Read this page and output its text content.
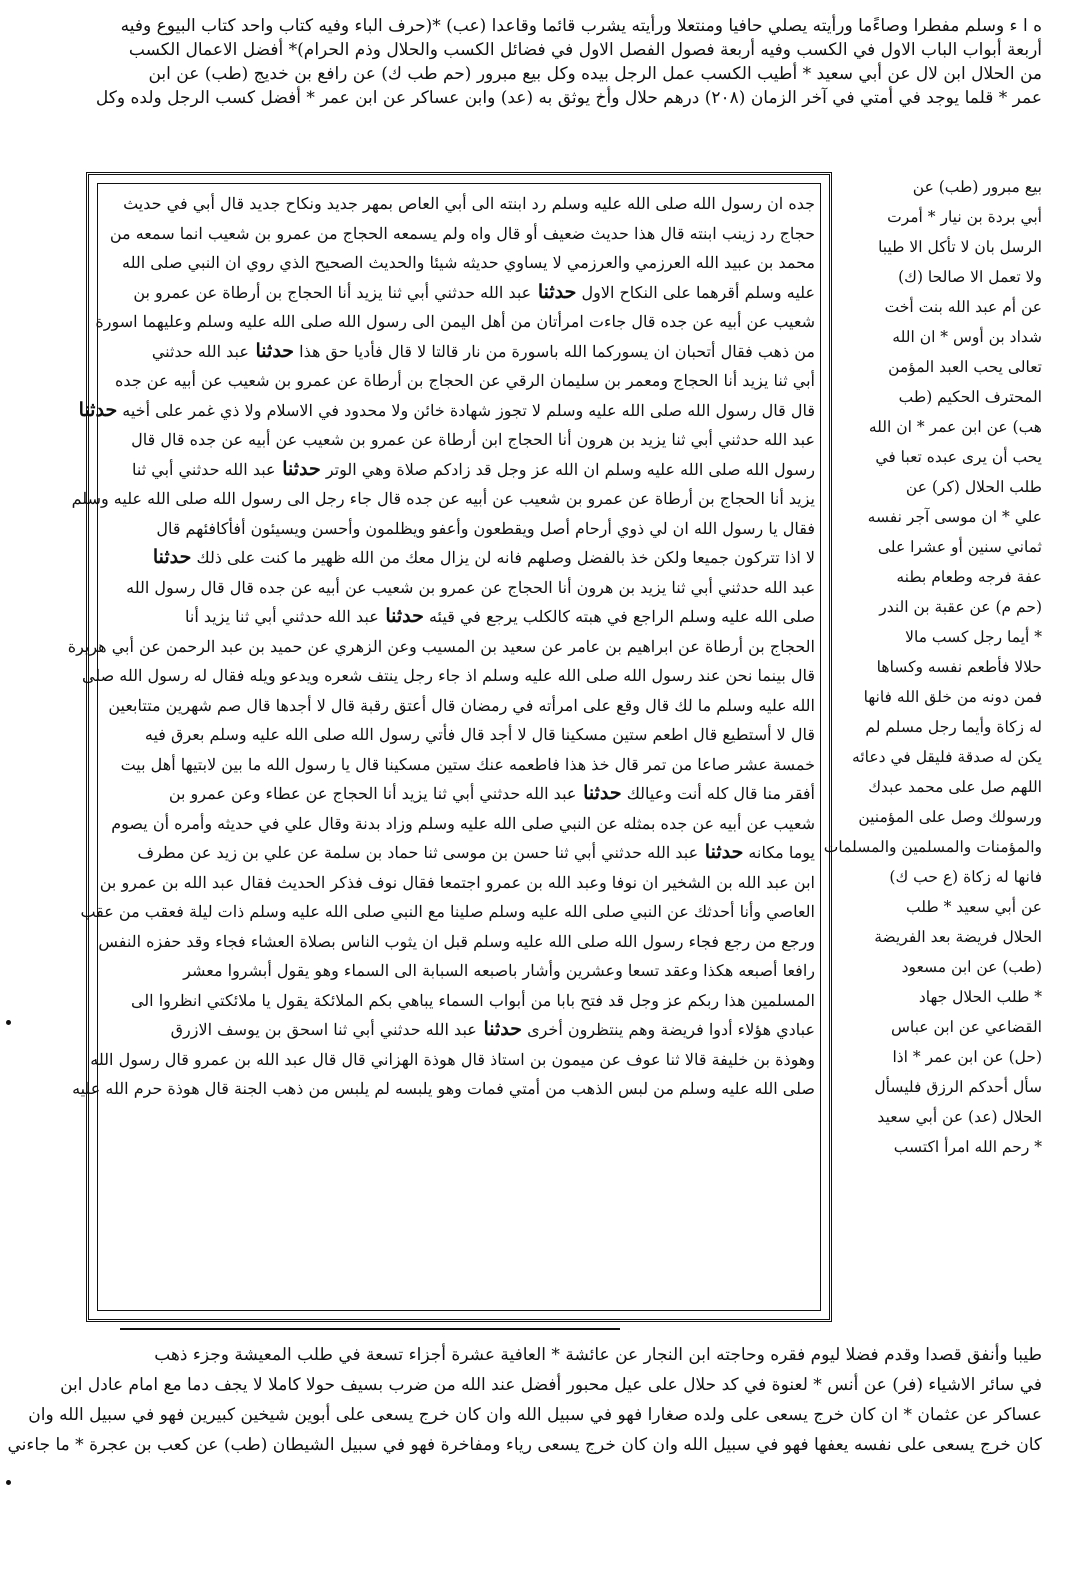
ه ا ء وسلم مفطرا وصاءًما ورأيته يصلي حافيا ومنتعلا ورأيته يشرب قائما وقاعدا (عب) *(حرف الباء وفيه كتاب واحد كتاب البيوع وفيه
أربعة أبواب الباب الاول في الكسب وفيه أربعة فصول الفصل الاول في فضائل الكسب والحلال وذم الحرام)* أفضل الاعمال الكسب
من الحلال ابن لال عن أبي سعيد * أطيب الكسب عمل الرجل بيده وكل بيع مبرور (حم طب ك) عن رافع بن خديج (طب) عن ابن
عمر * قلما يوجد في أمتي في آخر الزمان (٢٠٨) درهم حلال وأخ يوثق به (عد) وابن عساكر عن ابن عمر * أفضل كسب الرجل ولده وكل
جده ان رسول الله صلى الله عليه وسلم رد ابنته الى أبي العاص بمهر جديد ونكاح جديد قال أبي في حديث
حجاج رد زينب ابنته قال هذا حديث ضعيف أو قال واه ولم يسمعه الحجاج من عمرو بن شعيب انما سمعه من
محمد بن عبيد الله العرزمي والعرزمي لا يساوي حديثه شيئا والحديث الصحيح الذي روي ان النبي صلى الله
عليه وسلم أقرهما على النكاح الاول حدثنا عبد الله حدثني أبي ثنا يزيد أنا الحجاج بن أرطاة عن عمرو بن
شعيب عن أبيه عن جده قال جاءت امرأتان من أهل اليمن الى رسول الله صلى الله عليه وسلم وعليهما اسورة
من ذهب فقال أتحبان ان يسوركما الله باسورة من نار قالتا لا قال فأديا حق هذا حدثنا عبد الله حدثني
أبي ثنا يزيد أنا الحجاج ومعمر بن سليمان الرقي عن الحجاج بن أرطاة عن عمرو بن شعيب عن أبيه عن جده
قال قال رسول الله صلى الله عليه وسلم لا تجوز شهادة خائن ولا محدود في الاسلام ولا ذي غمر على أخيه حدثنا
عبد الله حدثني أبي ثنا يزيد بن هرون أنا الحجاج ابن أرطاة عن عمرو بن شعيب عن أبيه عن جده قال قال
رسول الله صلى الله عليه وسلم ان الله عز وجل قد زادكم صلاة وهي الوتر حدثنا عبد الله حدثني أبي ثنا
يزيد أنا الحجاج بن أرطاة عن عمرو بن شعيب عن أبيه عن جده قال جاء رجل الى رسول الله صلى الله عليه وسلم
فقال يا رسول الله ان لي ذوي أرحام أصل ويقطعون وأعفو ويظلمون وأحسن ويسيئون أفأكافئهم قال
لا اذا تتركون جميعا ولكن خذ بالفضل وصلهم فانه لن يزال معك من الله ظهير ما كنت على ذلك حدثنا
عبد الله حدثني أبي ثنا يزيد بن هرون أنا الحجاج عن عمرو بن شعيب عن أبيه عن جده قال قال رسول الله
صلى الله عليه وسلم الراجع في هبته كالكلب يرجع في قيئه حدثنا عبد الله حدثني أبي ثنا يزيد أنا
الحجاج بن أرطاة عن ابراهيم بن عامر عن سعيد بن المسيب وعن الزهري عن حميد بن عبد الرحمن عن أبي هريرة
قال بينما نحن عند رسول الله صلى الله عليه وسلم اذ جاء رجل ينتف شعره ويدعو ويله فقال له رسول الله صلى
الله عليه وسلم ما لك قال وقع على امرأته في رمضان قال أعتق رقبة قال لا أجدها قال صم شهرين متتابعين
قال لا أستطيع قال اطعم ستين مسكينا قال لا أجد قال فأتي رسول الله صلى الله عليه وسلم بعرق فيه
خمسة عشر صاعا من تمر قال خذ هذا فاطعمه عنك ستين مسكينا قال يا رسول الله ما بين لابتيها أهل بيت
أفقر منا قال كله أنت وعيالك حدثنا عبد الله حدثني أبي ثنا يزيد أنا الحجاج عن عطاء وعن عمرو بن
شعيب عن أبيه عن جده بمثله عن النبي صلى الله عليه وسلم وزاد بدنة وقال علي في حديثه وأمره أن يصوم
يوما مكانه حدثنا عبد الله حدثني أبي ثنا حسن بن موسى ثنا حماد بن سلمة عن علي بن زيد عن مطرف
ابن عبد الله بن الشخير ان نوفا وعبد الله بن عمرو اجتمعا فقال نوف فذكر الحديث فقال عبد الله بن عمرو بن
العاصي وأنا أحدثك عن النبي صلى الله عليه وسلم صلينا مع النبي صلى الله عليه وسلم ذات ليلة فعقب من عقب
ورجع من رجع فجاء رسول الله صلى الله عليه وسلم قبل ان يثوب الناس بصلاة العشاء فجاء وقد حفزه النفس
رافعا أصبعه هكذا وعقد تسعا وعشرين وأشار باصبعه السبابة الى السماء وهو يقول أبشروا معشر
المسلمين هذا ربكم عز وجل قد فتح بابا من أبواب السماء يباهي بكم الملائكة يقول يا ملائكتي انظروا الى
عبادي هؤلاء أدوا فريضة وهم ينتظرون أخرى حدثنا عبد الله حدثني أبي ثنا اسحق بن يوسف الازرق
وهوذة بن خليفة قالا ثنا عوف عن ميمون بن استاذ قال هوذة الهزاني قال قال عبد الله بن عمرو قال رسول الله
صلى الله عليه وسلم من لبس الذهب من أمتي فمات وهو يلبسه لم يلبس من ذهب الجنة قال هوذة حرم الله عليه
بيع مبرور (طب) عن
أبي بردة بن نيار * أمرت
الرسل بان لا تأكل الا طيبا
ولا تعمل الا صالحا (ك)
عن أم عبد الله بنت أخت
شداد بن أوس * ان الله
تعالى يحب العبد المؤمن
المحترف الحكيم (طب
هب) عن ابن عمر * ان الله
يحب أن يرى عبده تعبا في
طلب الحلال (كر) عن
علي * ان موسى آجر نفسه
ثماني سنين أو عشرا على
عفة فرجه وطعام بطنه
(حم م) عن عقبة بن الندر
* أيما رجل كسب مالا
حلالا فأطعم نفسه وكساها
فمن دونه من خلق الله فانها
له زكاة وأيما رجل مسلم لم
يكن له صدقة فليقل في دعائه
اللهم صل على محمد عبدك
ورسولك وصل على المؤمنين
والمؤمنات والمسلمين والمسلمات
فانها له زكاة (ع حب ك)
عن أبي سعيد * طلب
الحلال فريضة بعد الفريضة
(طب) عن ابن مسعود
* طلب الحلال جهاد
القضاعي عن ابن عباس
(حل) عن ابن عمر * اذا
سأل أحدكم الرزق فليسأل
الحلال (عد) عن أبي سعيد
* رحم الله امرأ اكتسب
طيبا وأنفق قصدا وقدم فضلا ليوم فقره وحاجته ابن النجار عن عائشة * العافية عشرة أجزاء تسعة في طلب المعيشة وجزء ذهب
في سائر الاشياء (فر) عن أنس * لعنوة في كد حلال على عيل محبور أفضل عند الله من ضرب بسيف حولا كاملا لا يجف دما مع امام عادل ابن
عساكر عن عثمان * ان كان خرج يسعى على ولده صغارا فهو في سبيل الله وان كان خرج يسعى على أبوين شيخين كبيرين فهو في سبيل الله وان
كان خرج يسعى على نفسه يعفها فهو في سبيل الله وان كان خرج يسعى رياء ومفاخرة فهو في سبيل الشيطان (طب) عن كعب بن عجرة * ما جاءني
